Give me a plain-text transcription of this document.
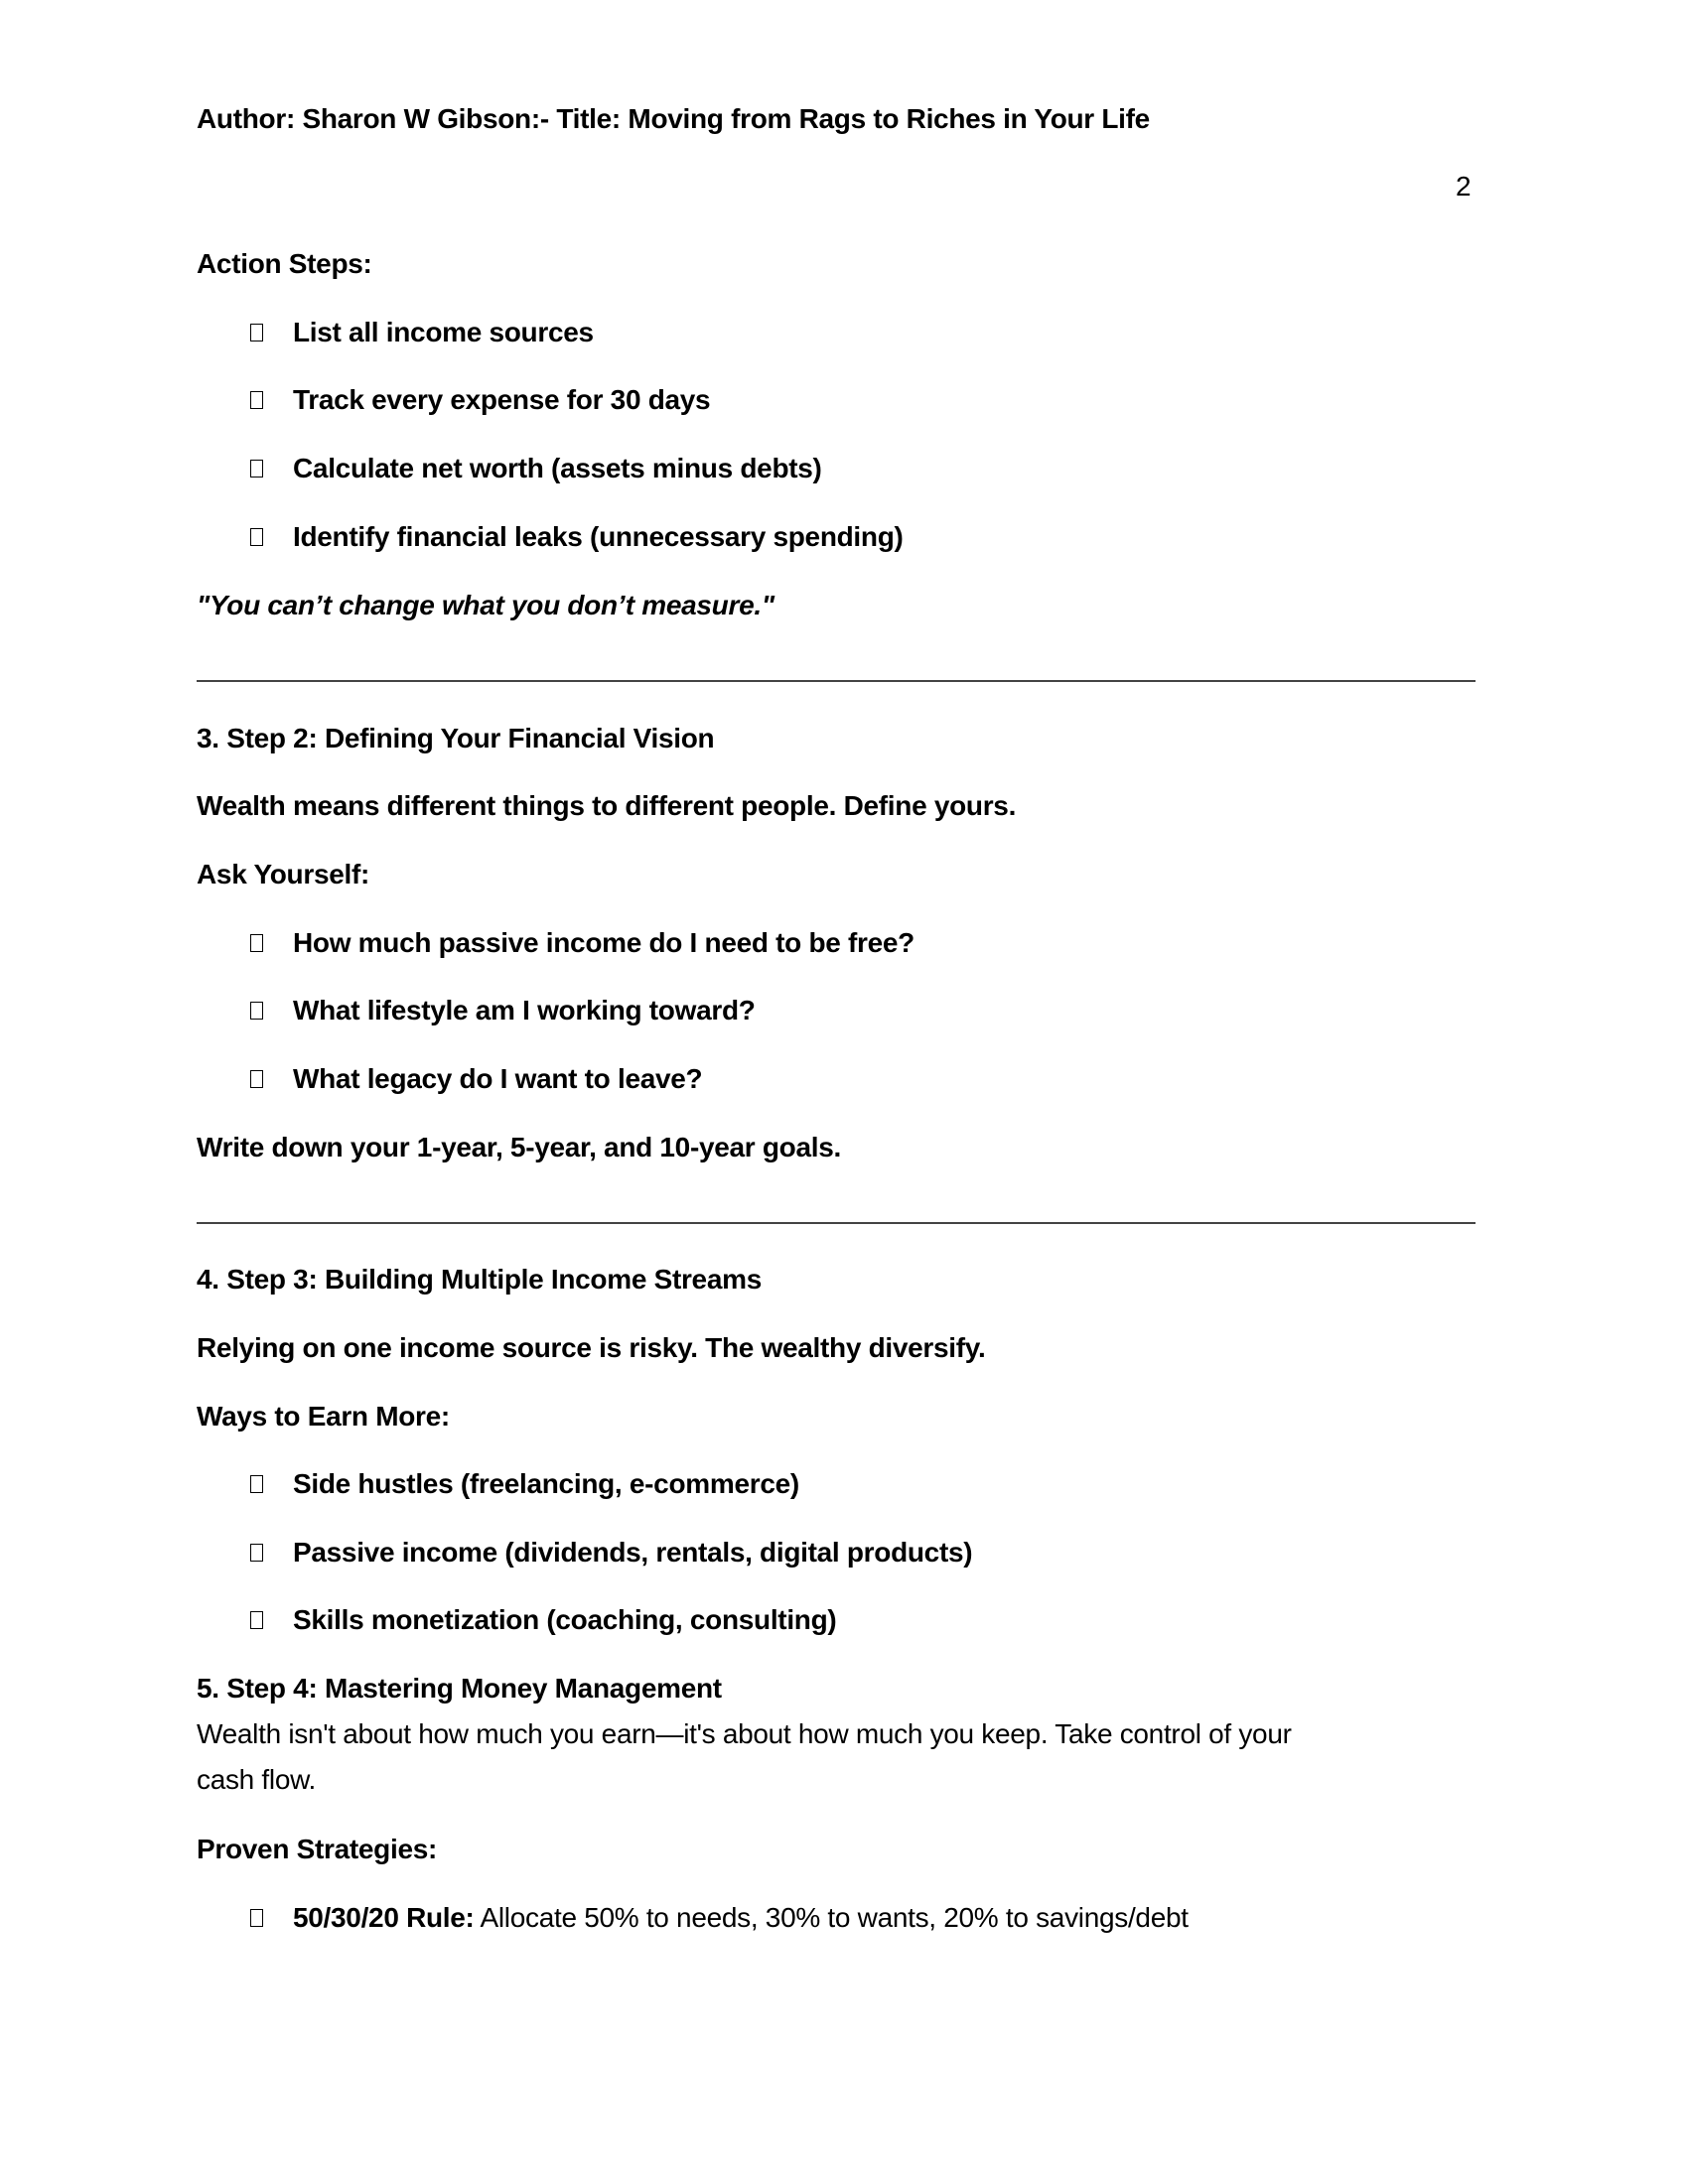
Author: Sharon W Gibson:- Title: Moving from Rags to Riches in Your Life
2
Action Steps:
List all income sources
Track every expense for 30 days
Calculate net worth (assets minus debts)
Identify financial leaks (unnecessary spending)
"You can’t change what you don’t measure."
3. Step 2: Defining Your Financial Vision
Wealth means different things to different people. Define yours.
Ask Yourself:
How much passive income do I need to be free?
What lifestyle am I working toward?
What legacy do I want to leave?
Write down your 1-year, 5-year, and 10-year goals.
4. Step 3: Building Multiple Income Streams
Relying on one income source is risky. The wealthy diversify.
Ways to Earn More:
Side hustles (freelancing, e-commerce)
Passive income (dividends, rentals, digital products)
Skills monetization (coaching, consulting)
5. Step 4: Mastering Money Management
Wealth isn't about how much you earn—it's about how much you keep. Take control of your
cash flow.
Proven Strategies:
50/30/20 Rule: Allocate 50% to needs, 30% to wants, 20% to savings/debt
